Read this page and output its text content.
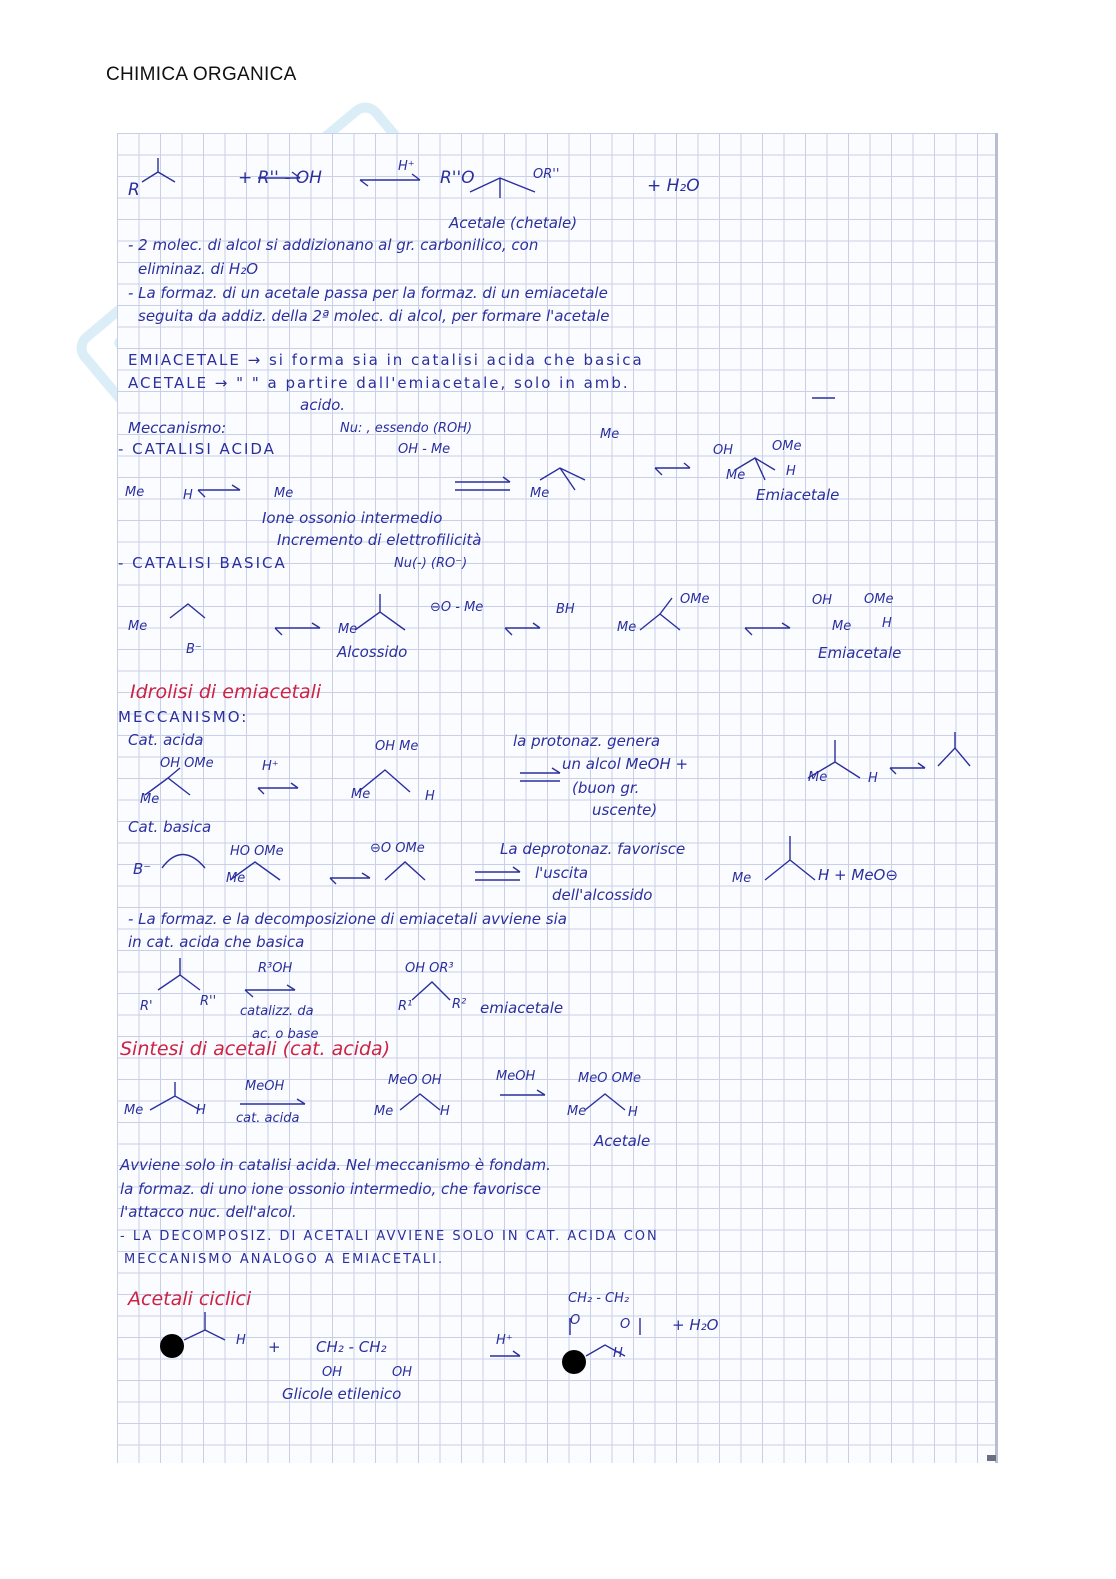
CHIMICA ORGANICA
R
+ R'' - OH
H⁺
R''O	OR''
+ H₂O
Acetale (chetale)
- 2 molec. di alcol si addizionano al gr. carbonilico, con
eliminaz. di H₂O
- La formaz. di un acetale passa per la formaz. di un emiacetale
seguita da addiz. della 2ª molec. di alcol, per formare l'acetale
EMIACETALE → si forma sia in catalisi acida che basica
ACETALE → " " a partire dall'emiacetale, solo in amb.
acido.
Meccanismo:
- CATALISI ACIDA
Nu: , essendo (ROH)
OH - Me
Me	Me
H	Me
Me
OH	OMe
Me	H
Emiacetale
Ione ossonio intermedio
Incremento di elettrofilicità
- CATALISI BASICA	Nu(-) (RO⁻)
Me
B⁻
Me
⊖O - Me
Alcossido
BH
OMe
Me
OH OMe
Me H
Emiacetale
Idrolisi di emiacetali
MECCANISMO:
Cat. acida
OH OMe	H⁺
Me
OH Me	la protonaz. genera
un alcol MeOH +
(buon gr.
uscente)
Me	H
Me	H
Cat. basica
HO OMe
B⁻
Me
⊖O OMe	La deprotonaz. favorisce
l'uscita
dell'alcossido
Me	H + MeO⊖
- La formaz. e la decomposizione di emiacetali avviene sia
in cat. acida che basica
R³OH
R'	R''
catalizz. da
ac. o base
OH OR³
R¹	R² emiacetale
Sintesi di acetali (cat. acida)
Me	H
MeOH
cat. acida
MeO OH
Me	H
MeOH	MeO OMe
Me	H
Acetale
Avviene solo in catalisi acida. Nel meccanismo è fondam.
la formaz. di uno ione ossonio intermedio, che favorisce
l'attacco nuc. dell'alcol.
- LA DECOMPOSIZ. DI ACETALI AVVIENE SOLO IN CAT. ACIDA CON
MECCANISMO ANALOGO A EMIACETALI.
Acetali ciclici
H + CH₂ - CH₂
OH	OH
H⁺
Glicole etilenico
CH₂ - CH₂
O	O	+ H₂O
H
